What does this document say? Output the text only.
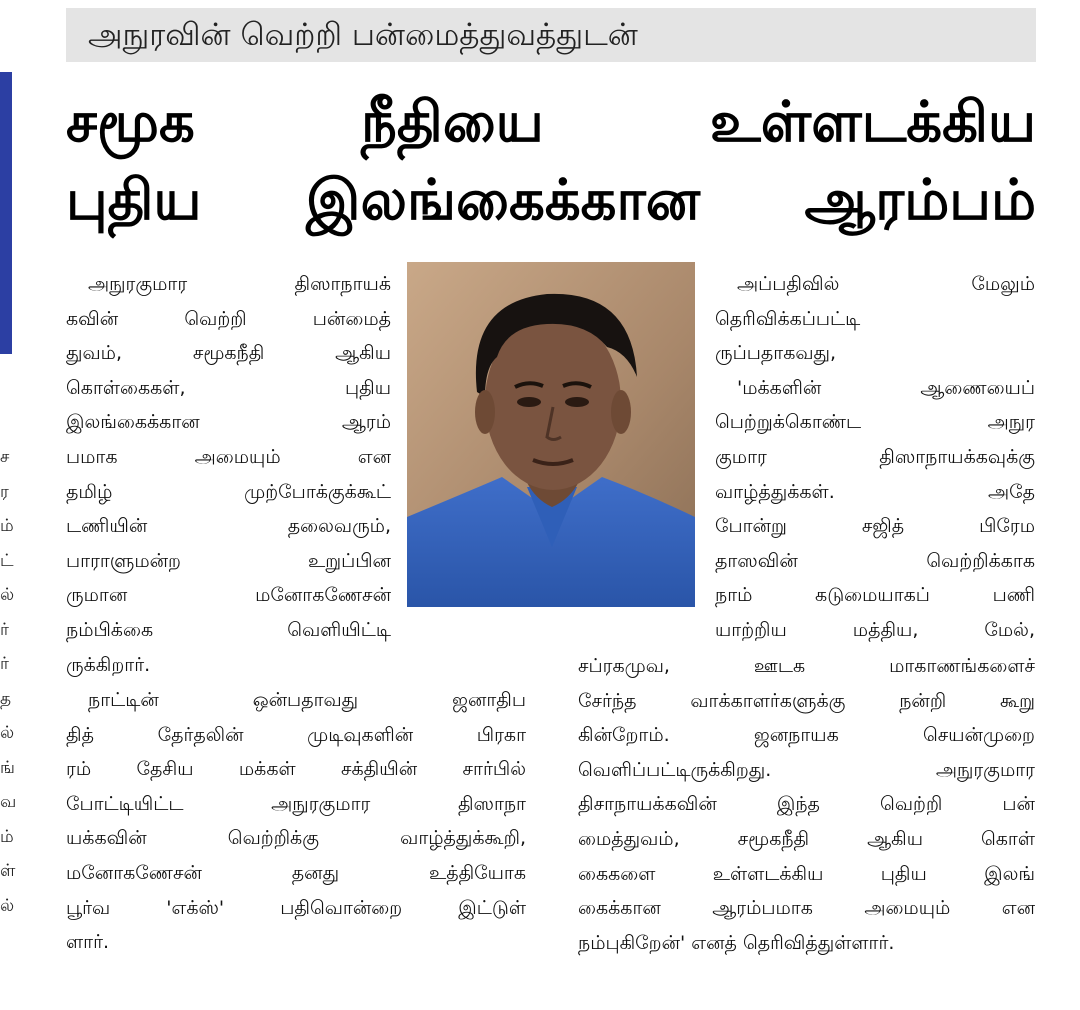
ச
ர
ம்
ட்
ல்
ர்
ர்
த
ல்
ங்
வ
ம்
ள்
ல்
அநுரவின் வெற்றி பன்மைத்துவத்துடன்
சமூக	நீதியை	உள்ளடக்கிய
புதிய இலங்கைக்கான ஆரம்பம்
அநுரகுமார திஸாநாயக்
கவின் வெற்றி பன்மைத்
துவம், சமூகநீதி ஆகிய
கொள்கைகள், புதிய
இலங்கைக்கான ஆரம்
பமாக அமையும் என
தமிழ் முற்போக்குக்கூட்
டணியின் தலைவரும்,
பாராளுமன்ற உறுப்பின
ருமான மனோகணேசன்
நம்பிக்கை வெளியிட்டி
ருக்கிறார்.
நாட்டின் ஒன்பதாவது ஜனாதிப
தித் தேர்தலின் முடிவுகளின் பிரகா
ரம் தேசிய மக்கள் சக்தியின் சார்பில்
போட்டியிட்ட அநுரகுமார திஸாநா
யக்கவின் வெற்றிக்கு வாழ்த்துக்கூறி,
மனோகணேசன் தனது உத்தியோக
பூர்வ 'எக்ஸ்' பதிவொன்றை இட்டுள்
ளார்.
அப்பதிவில் மேலும்
தெரிவிக்கப்பட்டி
ருப்பதாகவது,
'மக்களின் ஆணையைப்
பெற்றுக்கொண்ட அநுர
குமார திஸாநாயக்கவுக்கு
வாழ்த்துக்கள். அதே
போன்று சஜித் பிரேம
தாஸவின் வெற்றிக்காக
நாம் கடுமையாகப் பணி
யாற்றிய மத்திய, மேல்,
சப்ரகமுவ, ஊடக மாகாணங்களைச்
சேர்ந்த வாக்காளர்களுக்கு நன்றி கூறு
கின்றோம். ஜனநாயக செயன்முறை
வெளிப்பட்டிருக்கிறது. அநுரகுமார
திசாநாயக்கவின் இந்த வெற்றி பன்
மைத்துவம், சமூகநீதி ஆகிய கொள்
கைகளை உள்ளடக்கிய புதிய இலங்
கைக்கான ஆரம்பமாக அமையும் என
நம்புகிறேன்' எனத் தெரிவித்துள்ளார்.
